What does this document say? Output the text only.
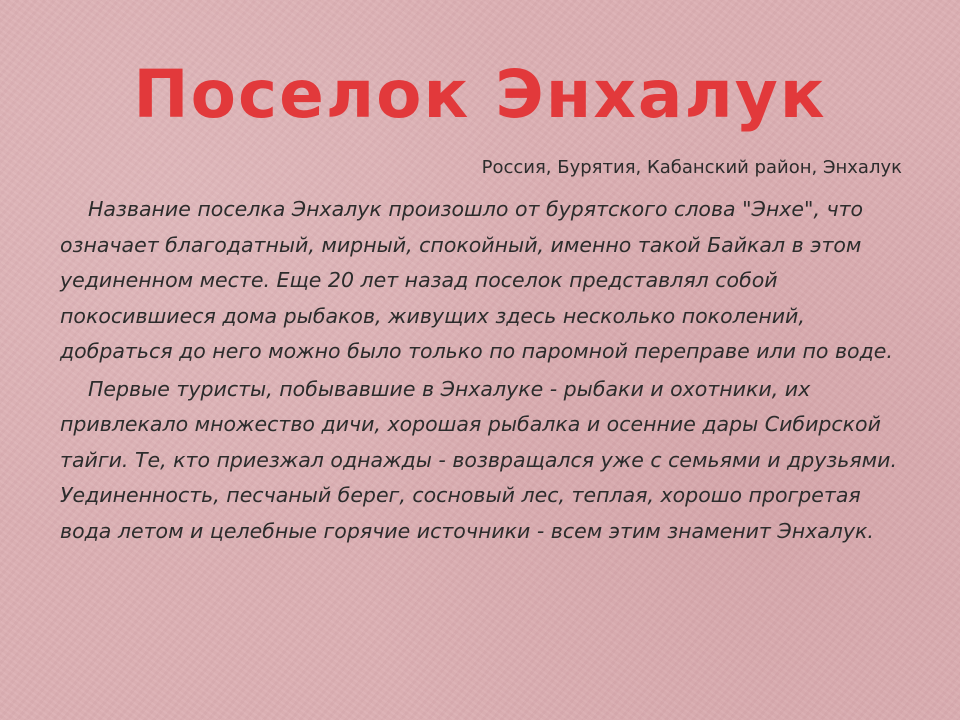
Поселок Энхалук
Россия, Бурятия, Кабанский район, Энхалук

Название поселка Энхалук произошло от бурятского слова "Энхе", что означает благодатный, мирный, спокойный, именно такой Байкал в этом уединенном месте. Еще 20 лет назад поселок представлял собой покосившиеся дома рыбаков, живущих здесь несколько поколений, добраться до него можно было только по паромной переправе или по воде.

Первые туристы, побывавшие в Энхалуке - рыбаки и охотники, их привлекало множество дичи, хорошая рыбалка и осенние дары Сибирской тайги. Те, кто приезжал однажды - возвращался уже с семьями и друзьями. Уединенность, песчаный берег, сосновый лес, теплая, хорошо прогретая вода летом и целебные горячие источники - всем этим знаменит Энхалук.
